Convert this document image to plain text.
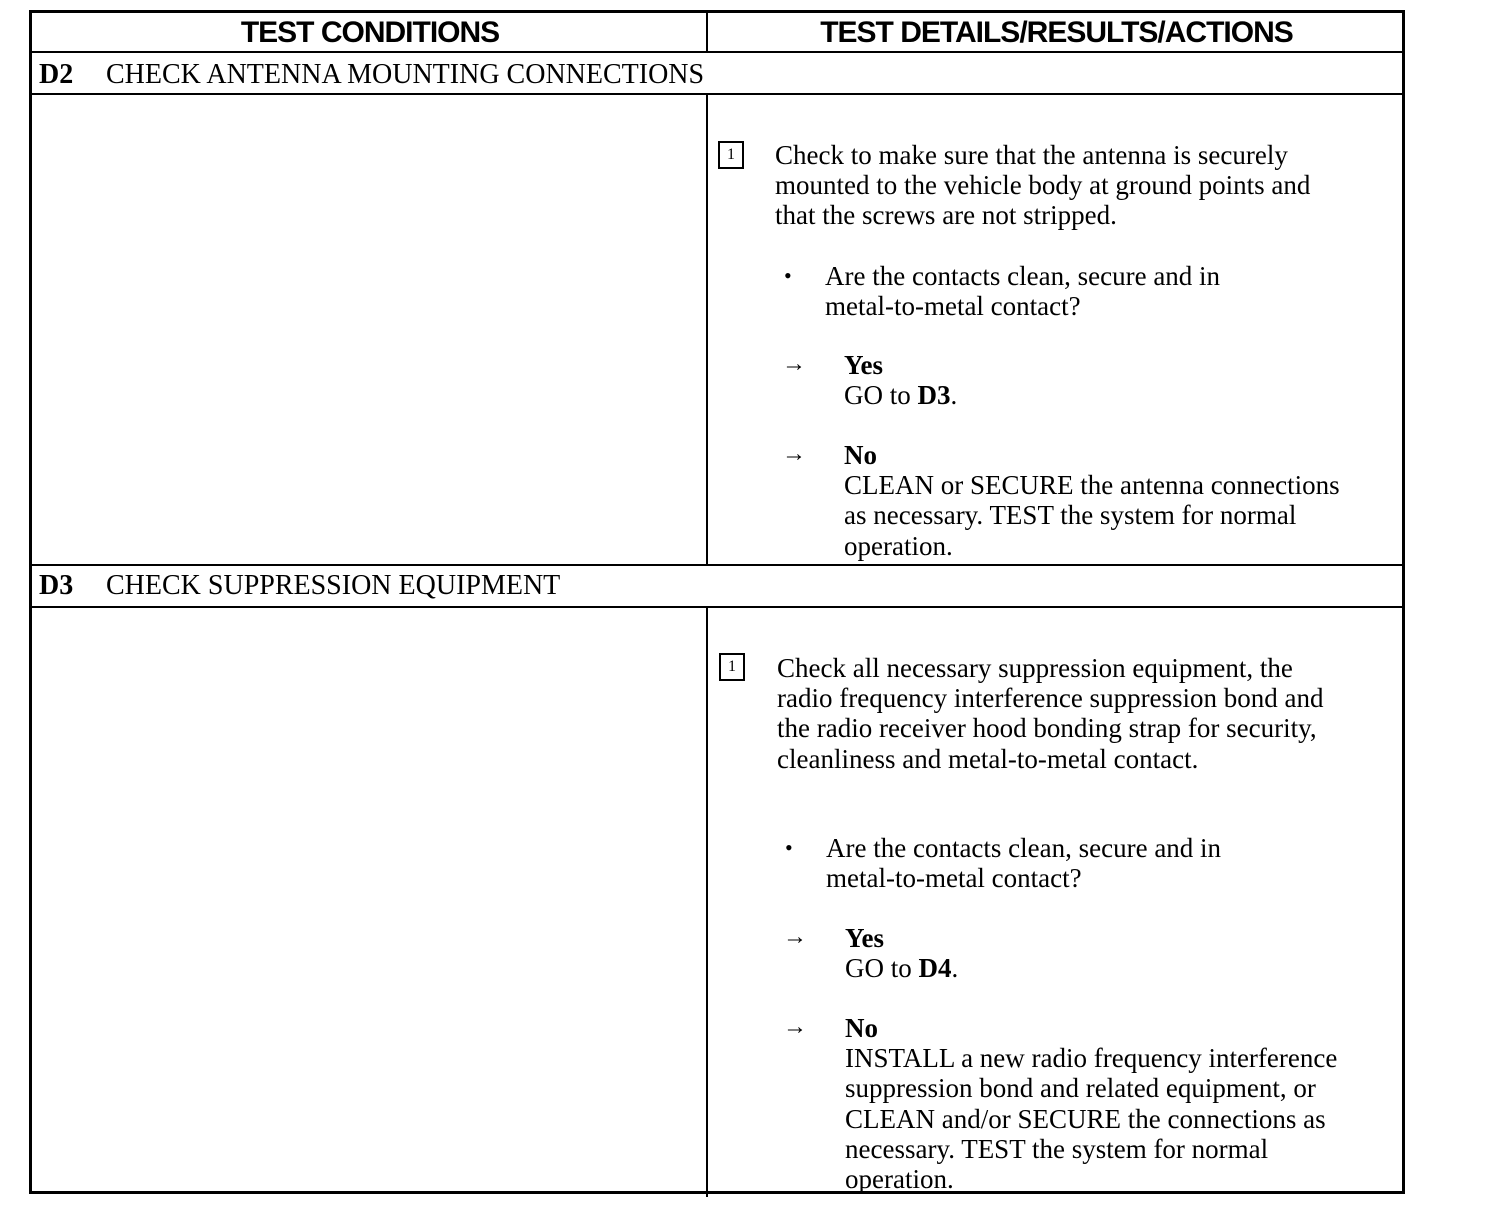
TEST CONDITIONS	TEST DETAILS/RESULTS/ACTIONS
D2 CHECK ANTENNA MOUNTING CONNECTIONS
1	Check to make sure that the antenna is securely
mounted to the vehicle body at ground points and
that the screws are not stripped.
• Are the contacts clean, secure and in
metal-to-metal contact?
→ Yes
GO to D3.
→ No
CLEAN or SECURE the antenna connections
as necessary. TEST the system for normal
operation.
D3 CHECK SUPPRESSION EQUIPMENT
1	Check all necessary suppression equipment, the
radio frequency interference suppression bond and
the radio receiver hood bonding strap for security,
cleanliness and metal-to-metal contact.
• Are the contacts clean, secure and in
metal-to-metal contact?
→ Yes
GO to D4.
→ No
INSTALL a new radio frequency interference
suppression bond and related equipment, or
CLEAN and/or SECURE the connections as
necessary. TEST the system for normal
operation.
